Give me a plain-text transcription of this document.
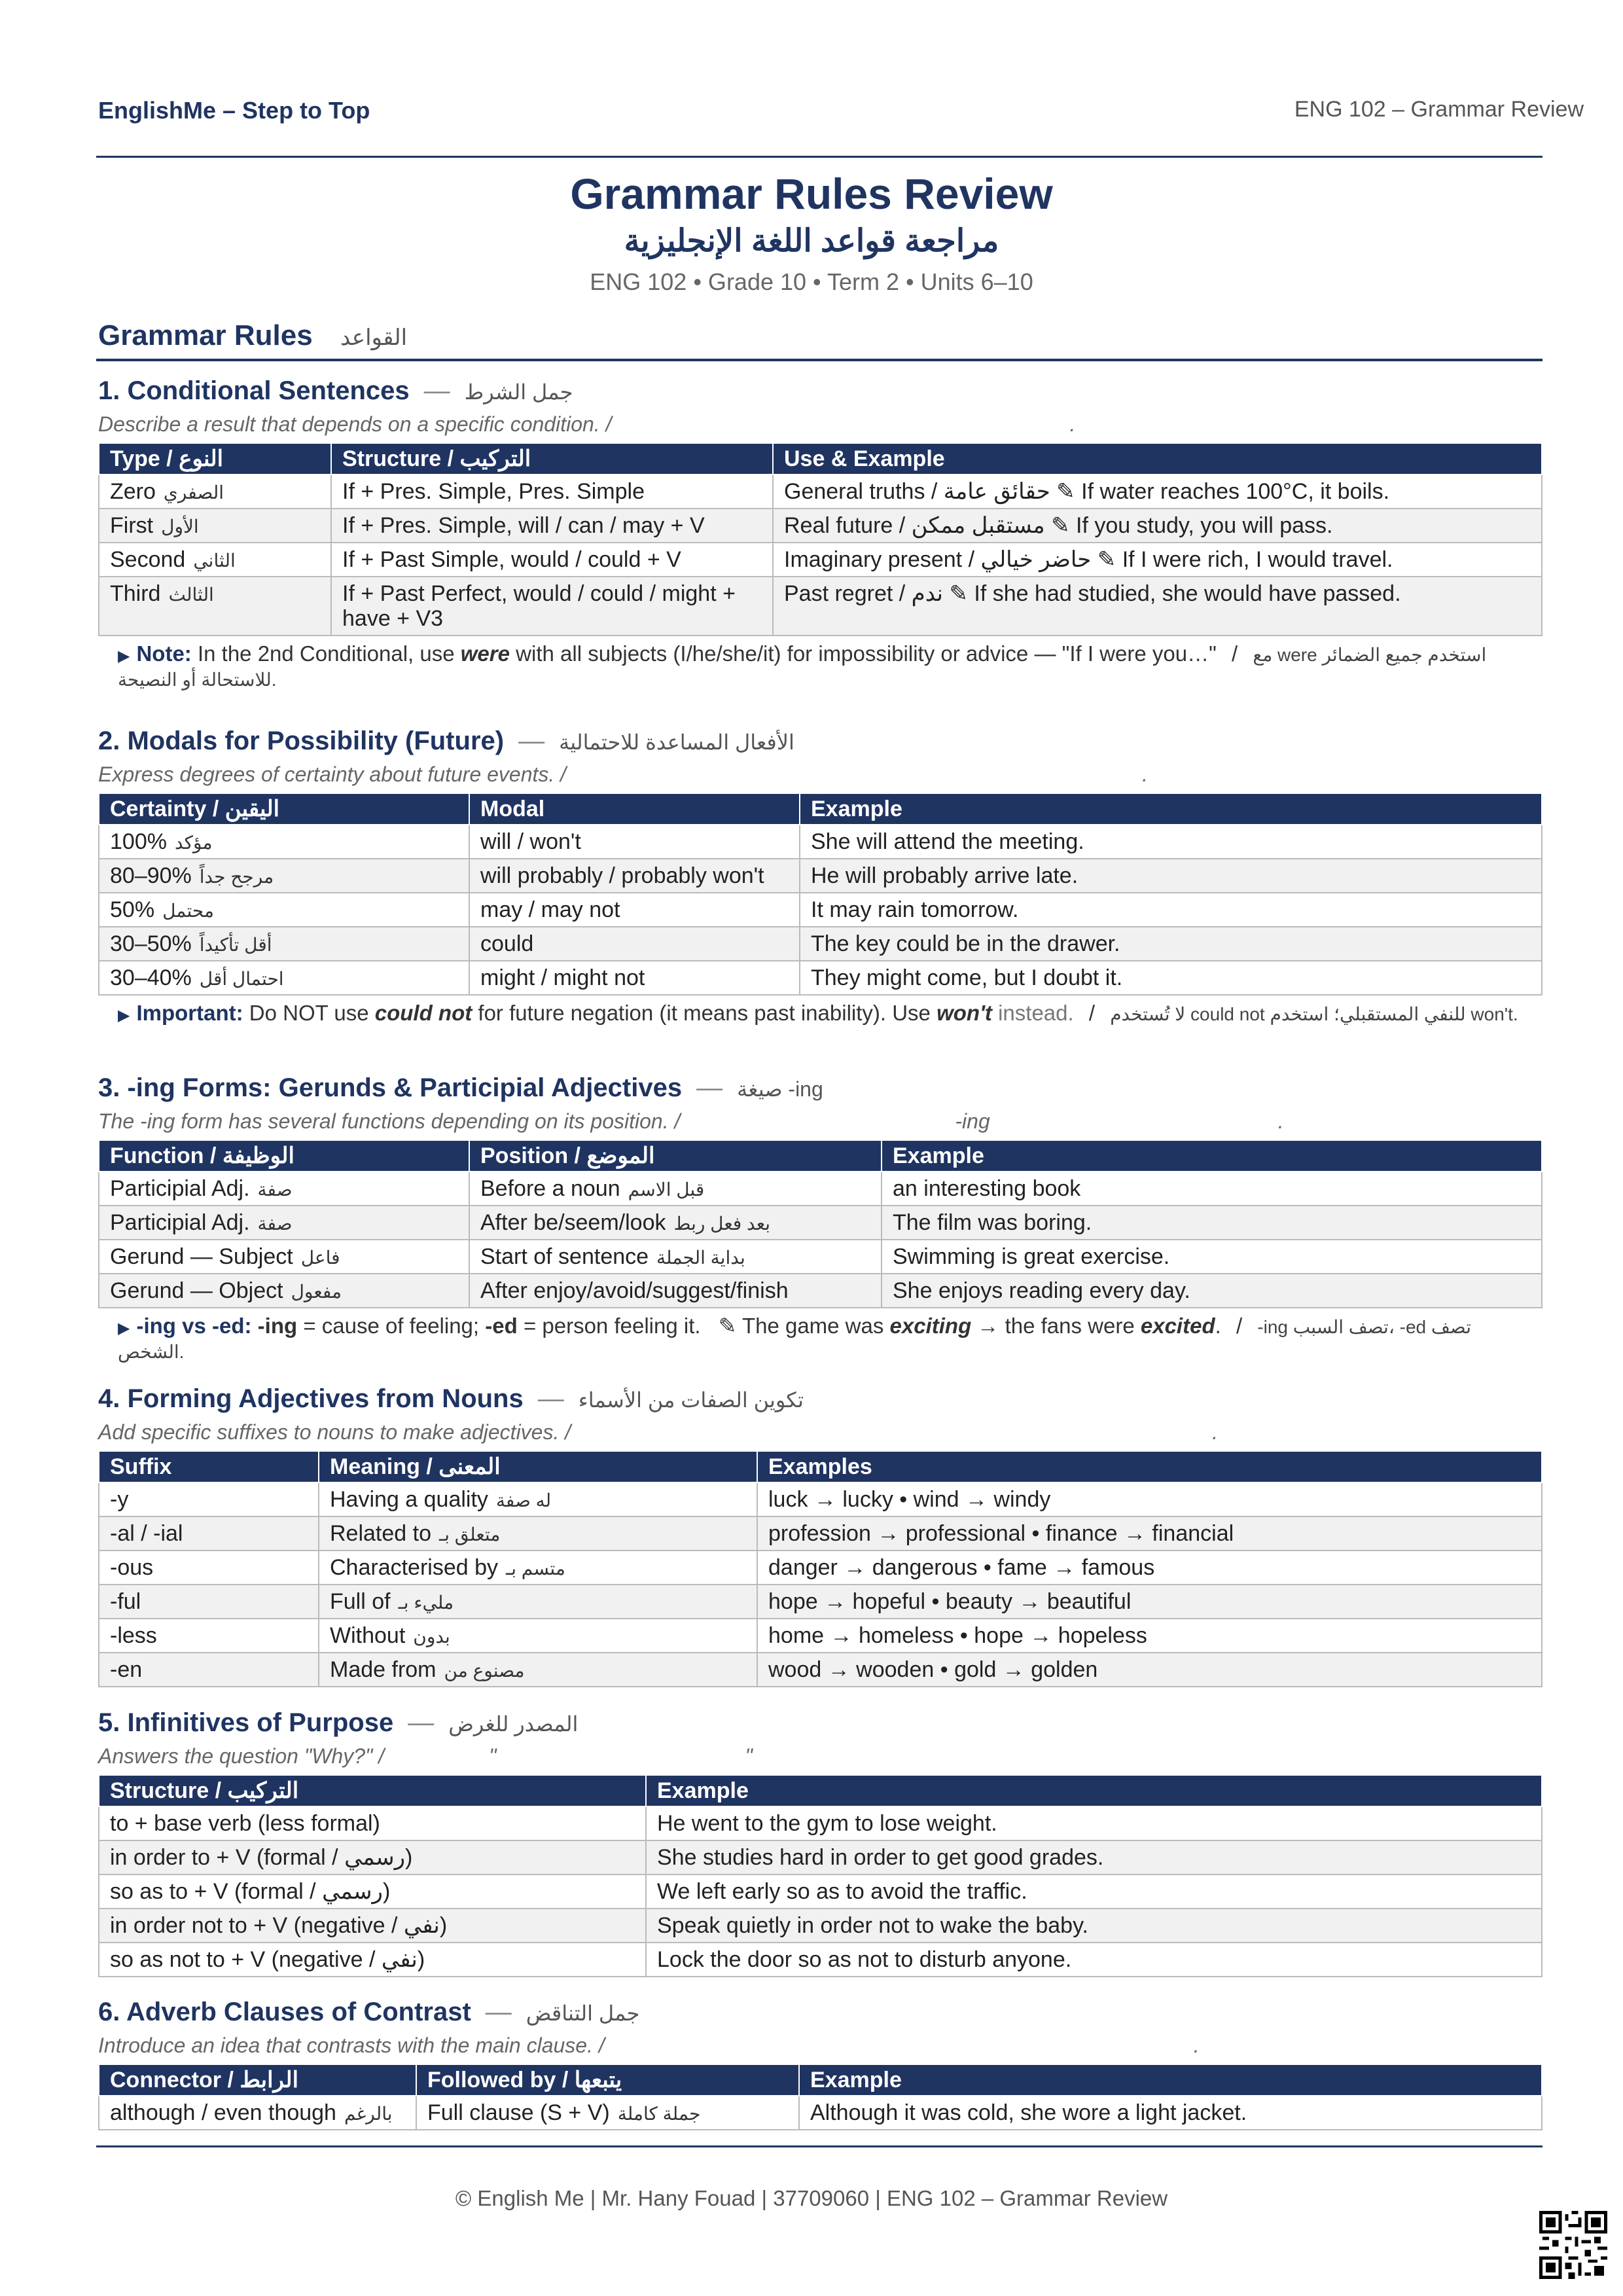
EnglishMe – Step to Top	ENG 102 – Grammar Review
Grammar Rules Review
مراجعة قواعد اللغة الإنجليزية
ENG 102 • Grade 10 • Term 2 • Units 6–10
Grammar Rules القواعد
1. Conditional Sentences — جمل الشرط
Describe a result that depends on a specific condition. /	.
Type / النوع	Structure / التركيب	Use & Example
Zero الصفري	If + Pres. Simple, Pres. Simple	General truths / حقائق عامة ✎ If water reaches 100°C, it boils.
First الأول	If + Pres. Simple, will / can / may + V	Real future / مستقبل ممكن ✎ If you study, you will pass.
Second الثاني	If + Past Simple, would / could + V	Imaginary present / حاضر خيالي ✎ If I were rich, I would travel.
Third الثالث	If + Past Perfect, would / could / might + have + V3	Past regret / ندم ✎ If she had studied, she would have passed.
▶ Note: In the 2nd Conditional, use were with all subjects (I/he/she/it) for impossibility or advice — "If I were you…" / مع were استخدم جميع الضمائر للاستحالة أو النصيحة.
2. Modals for Possibility (Future) — الأفعال المساعدة للاحتمالية
Express degrees of certainty about future events. /	.
Certainty / اليقين	Modal	Example
100% مؤكد	will / won't	She will attend the meeting.
80–90% مرجح جداً	will probably / probably won't	He will probably arrive late.
50% محتمل	may / may not	It may rain tomorrow.
30–50% أقل تأكيداً	could	The key could be in the drawer.
30–40% احتمال أقل	might / might not	They might come, but I doubt it.
▶ Important: Do NOT use could not for future negation (it means past inability). Use won't instead. / لا تُستخدم could not للنفي المستقبلي؛ استخدم won't.
3. -ing Forms: Gerunds & Participial Adjectives — صيغة -ing
The -ing form has several functions depending on its position. /	-ing	.
Function / الوظيفة	Position / الموضع	Example
Participial Adj. صفة	Before a noun قبل الاسم	an interesting book
Participial Adj. صفة	After be/seem/look بعد فعل ربط	The film was boring.
Gerund — Subject فاعل	Start of sentence بداية الجملة	Swimming is great exercise.
Gerund — Object مفعول	After enjoy/avoid/suggest/finish	She enjoys reading every day.
▶ -ing vs -ed: -ing = cause of feeling; -ed = person feeling it. ✎ The game was exciting → the fans were excited. / -ing تصف السبب، -ed تصف الشخص.
4. Forming Adjectives from Nouns — تكوين الصفات من الأسماء
Add specific suffixes to nouns to make adjectives. /	.
Suffix	Meaning / المعنى	Examples
-y	Having a quality له صفة	luck → lucky • wind → windy
-al / -ial	Related to متعلق بـ	profession → professional • finance → financial
-ous	Characterised by متسم بـ	danger → dangerous • fame → famous
-ful	Full of مليء بـ	hope → hopeful • beauty → beautiful
-less	Without بدون	home → homeless • hope → hopeless
-en	Made from مصنوع من	wood → wooden • gold → golden
5. Infinitives of Purpose — المصدر للغرض
Answers the question "Why?" /	"	"
Structure / التركيب	Example
to + base verb (less formal)	He went to the gym to lose weight.
in order to + V (formal / رسمي)	She studies hard in order to get good grades.
so as to + V (formal / رسمي)	We left early so as to avoid the traffic.
in order not to + V (negative / نفي)	Speak quietly in order not to wake the baby.
so as not to + V (negative / نفي)	Lock the door so as not to disturb anyone.
6. Adverb Clauses of Contrast — جمل التناقض
Introduce an idea that contrasts with the main clause. /	.
Connector / الرابط	Followed by / يتبعها	Example
although / even though بالرغم	Full clause (S + V) جملة كاملة	Although it was cold, she wore a light jacket.
© English Me | Mr. Hany Fouad | 37709060 | ENG 102 – Grammar Review
